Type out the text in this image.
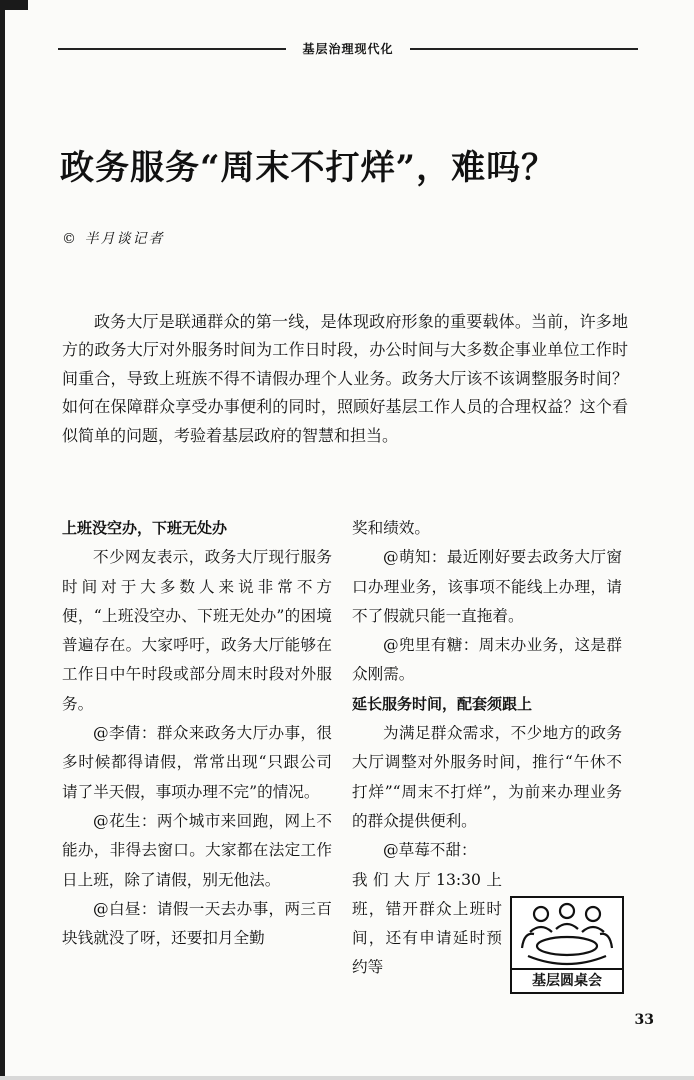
基层治理现代化
政务服务“周末不打烊”，难吗？
© 半月谈记者

政务大厅是联通群众的第一线，是体现政府形象的重要载体。当前，许多地方的政务大厅对外服务时间为工作日时段，办公时间与大多数企事业单位工作时间重合，导致上班族不得不请假办理个人业务。政务大厅该不该调整服务时间？如何在保障群众享受办事便利的同时，照顾好基层工作人员的合理权益？这个看似简单的问题，考验着基层政府的智慧和担当。

上班没空办，下班无处办

不少网友表示，政务大厅现行服务时间对于大多数人来说非常不方便，“上班没空办、下班无处办”的困境普遍存在。大家呼吁，政务大厅能够在工作日中午时段或部分周末时段对外服务。

@李倩：群众来政务大厅办事，很多时候都得请假，常常出现“只跟公司请了半天假，事项办理不完”的情况。

@花生：两个城市来回跑，网上不能办，非得去窗口。大家都在法定工作日上班，除了请假，别无他法。

@白昼：请假一天去办事，两三百块钱就没了呀，还要扣月全勤

奖和绩效。

@萌知：最近刚好要去政务大厅窗口办理业务，该事项不能线上办理，请不了假就只能一直拖着。

@兜里有糖：周末办业务，这是群众刚需。

延长服务时间，配套须跟上

为满足群众需求，不少地方的政务大厅调整对外服务时间，推行“午休不打烊”“周末不打烊”，为前来办理业务的群众提供便利。

@草莓不甜：

我们大厅13:30上班，错开群众上班时间，还有申请延时预约等

基层圆桌会
33
